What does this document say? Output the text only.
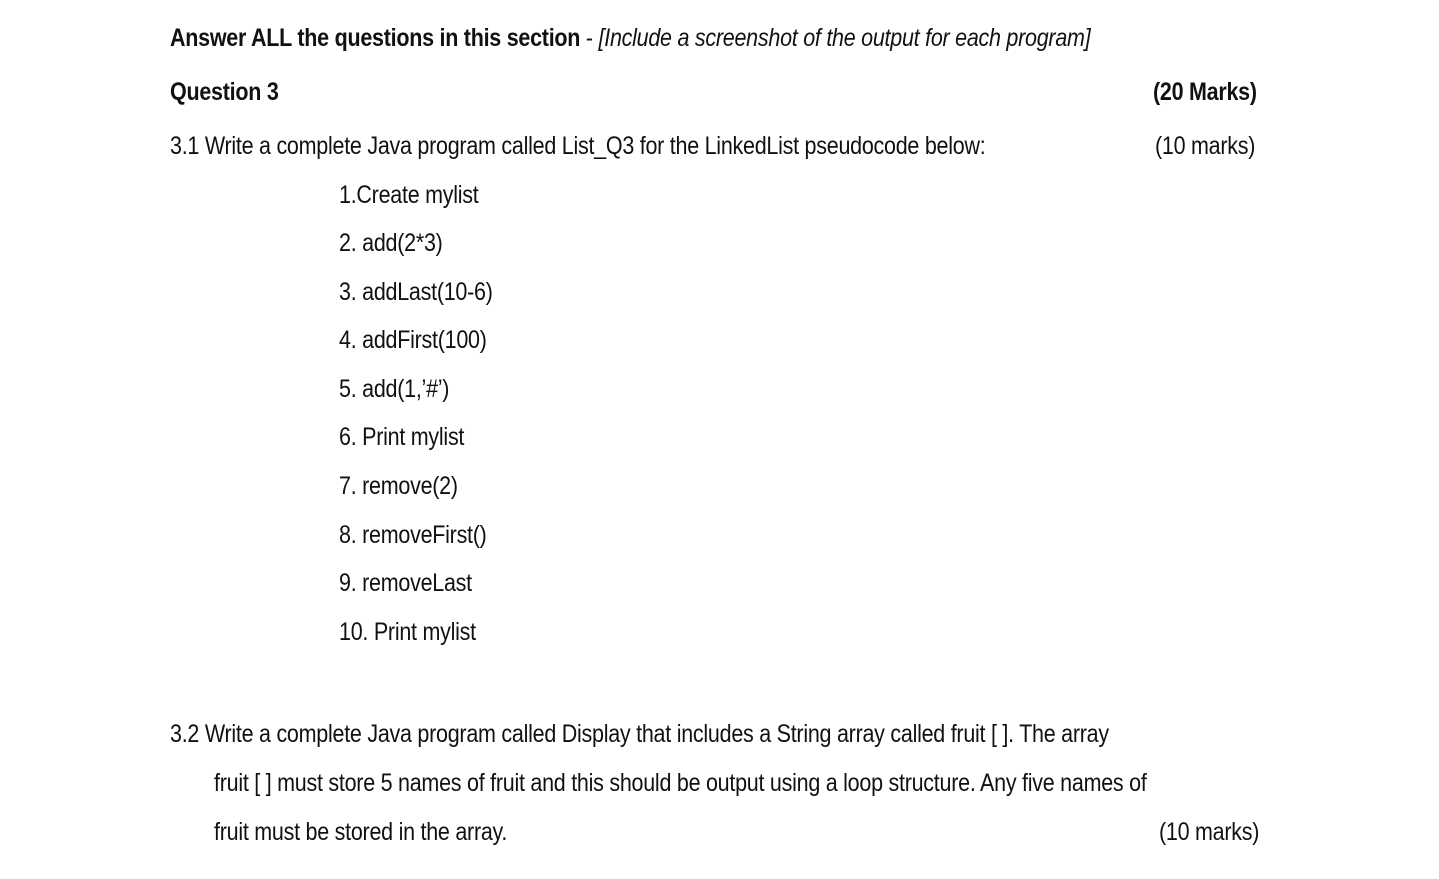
Answer ALL the questions in this section - [Include a screenshot of the output for each program]
Question 3	(20 Marks)
3.1 Write a complete Java program called List_Q3 for the LinkedList pseudocode below:	(10 marks)
1.Create mylist
2. add(2*3)
3. addLast(10-6)
4. addFirst(100)
5. add(1,’#’)
6. Print mylist
7. remove(2)
8. removeFirst()
9. removeLast
10. Print mylist
3.2 Write a complete Java program called Display that includes a String array called fruit [ ]. The array
fruit [ ] must store 5 names of fruit and this should be output using a loop structure. Any five names of
fruit must be stored in the array.	(10 marks)
